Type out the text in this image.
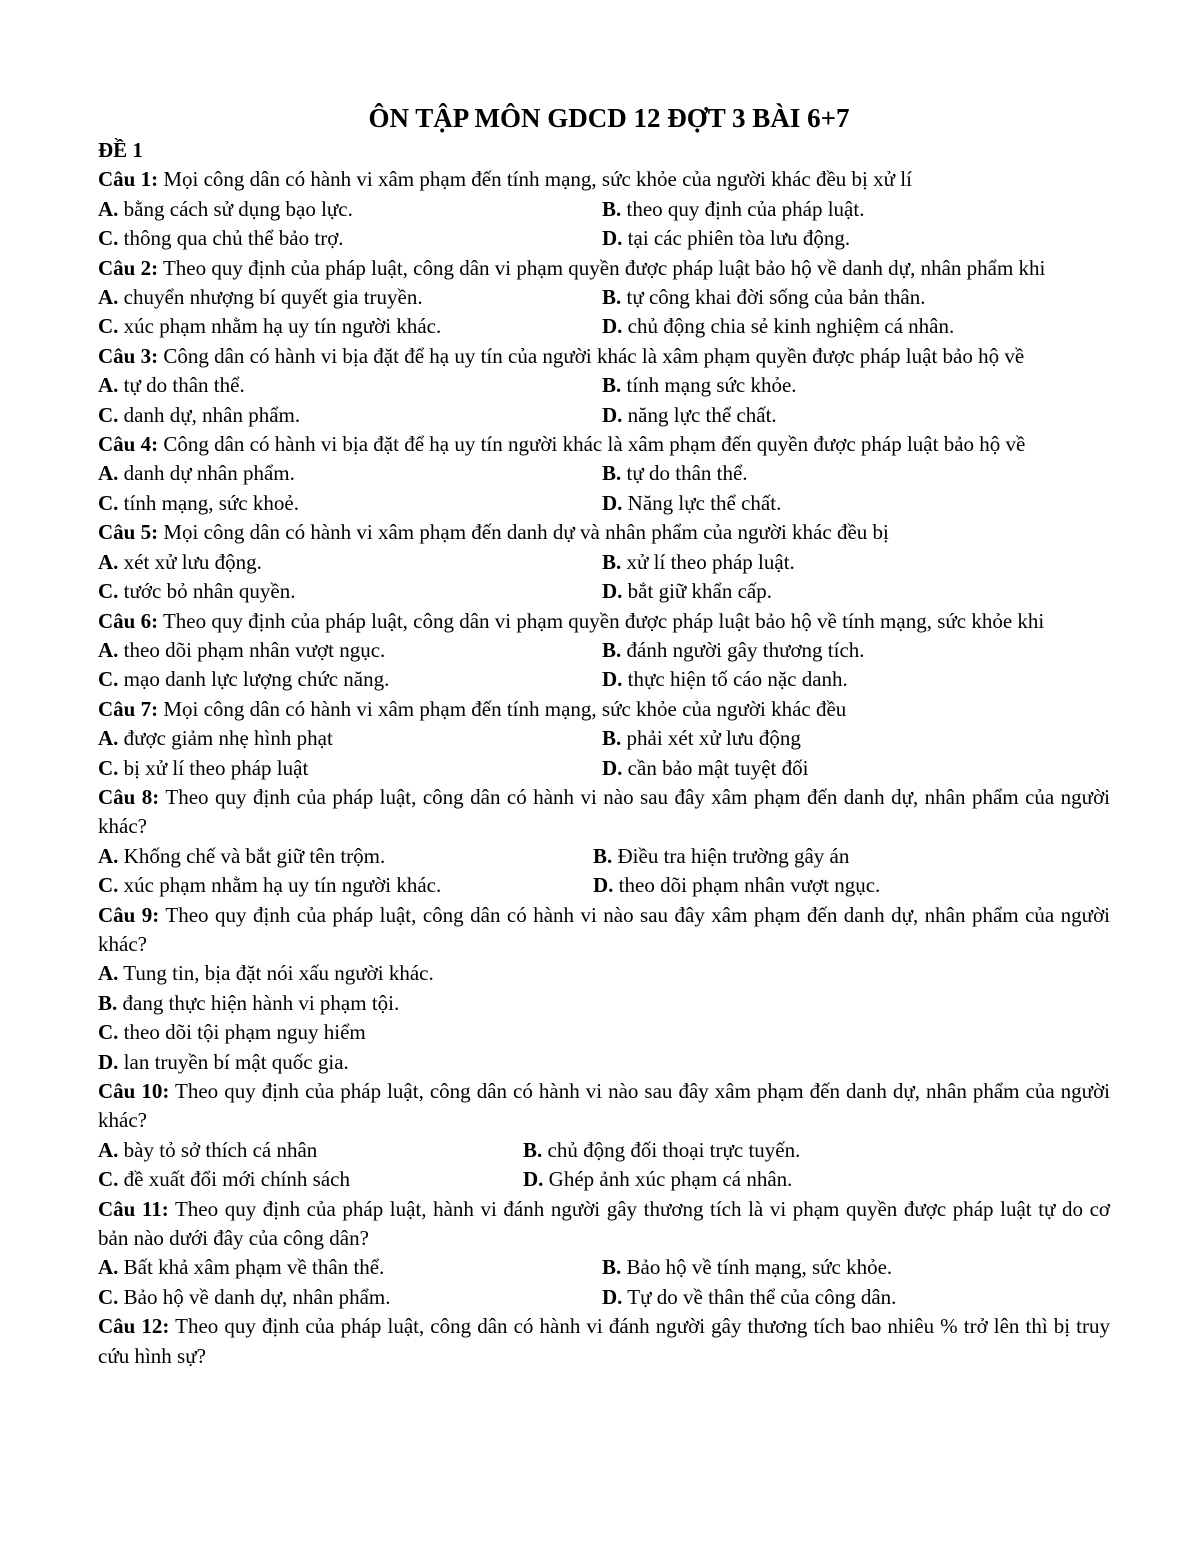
ÔN TẬP MÔN GDCD 12 ĐỢT 3 BÀI 6+7
ĐỀ 1
Câu 1: Mọi công dân có hành vi xâm phạm đến tính mạng, sức khỏe của người khác đều bị xử lí
A. bằng cách sử dụng bạo lực.	B. theo quy định của pháp luật.
C. thông qua chủ thể bảo trợ.	D. tại các phiên tòa lưu động.
Câu 2: Theo quy định của pháp luật, công dân vi phạm quyền được pháp luật bảo hộ về danh dự, nhân phẩm khi
A. chuyển nhượng bí quyết gia truyền.	B. tự công khai đời sống của bản thân.
C. xúc phạm nhằm hạ uy tín người khác.	D. chủ động chia sẻ kinh nghiệm cá nhân.
Câu 3: Công dân có hành vi bịa đặt để hạ uy tín của người khác là xâm phạm quyền được pháp luật bảo hộ về
A. tự do thân thể.	B. tính mạng sức khỏe.
C. danh dự, nhân phẩm.	D. năng lực thể chất.
Câu 4: Công dân có hành vi bịa đặt để hạ uy tín người khác là xâm phạm đến quyền được pháp luật bảo hộ về
A. danh dự nhân phẩm.	B. tự do thân thể.
C. tính mạng, sức khoẻ.	D. Năng lực thể chất.
Câu 5: Mọi công dân có hành vi xâm phạm đến danh dự và nhân phẩm của người khác đều bị
A. xét xử lưu động.	B. xử lí theo pháp luật.
C. tước bỏ nhân quyền.	D. bắt giữ khẩn cấp.
Câu 6: Theo quy định của pháp luật, công dân vi phạm quyền được pháp luật bảo hộ về tính mạng, sức khỏe khi
A. theo dõi phạm nhân vượt ngục.	B. đánh người gây thương tích.
C. mạo danh lực lượng chức năng.	D. thực hiện tố cáo nặc danh.
Câu 7: Mọi công dân có hành vi xâm phạm đến tính mạng, sức khỏe của người khác đều
A. được giảm nhẹ hình phạt	B. phải xét xử lưu động
C. bị xử lí theo pháp luật	D. cần bảo mật tuyệt đối
Câu 8: Theo quy định của pháp luật, công dân có hành vi nào sau đây xâm phạm đến danh dự, nhân phẩm của người khác?
A. Khống chế và bắt giữ tên trộm.	B. Điều tra hiện trường gây án
C. xúc phạm nhằm hạ uy tín người khác.	D. theo dõi phạm nhân vượt ngục.
Câu 9: Theo quy định của pháp luật, công dân có hành vi nào sau đây xâm phạm đến danh dự, nhân phẩm của người khác?
A. Tung tin, bịa đặt nói xấu người khác.
B. đang thực hiện hành vi phạm tội.
C. theo dõi tội phạm nguy hiểm
D. lan truyền bí mật quốc gia.
Câu 10: Theo quy định của pháp luật, công dân có hành vi nào sau đây xâm phạm đến danh dự, nhân phẩm của người khác?
A. bày tỏ sở thích cá nhân	B. chủ động đối thoại trực tuyến.
C. đề xuất đổi mới chính sách	D. Ghép ảnh xúc phạm cá nhân.
Câu 11: Theo quy định của pháp luật, hành vi đánh người gây thương tích là vi phạm quyền được pháp luật tự do cơ bản nào dưới đây của công dân?
A. Bất khả xâm phạm về thân thể.	B. Bảo hộ về tính mạng, sức khỏe.
C. Bảo hộ về danh dự, nhân phẩm.	D. Tự do về thân thể của công dân.
Câu 12: Theo quy định của pháp luật, công dân có hành vi đánh người gây thương tích bao nhiêu % trở lên thì bị truy cứu hình sự?
